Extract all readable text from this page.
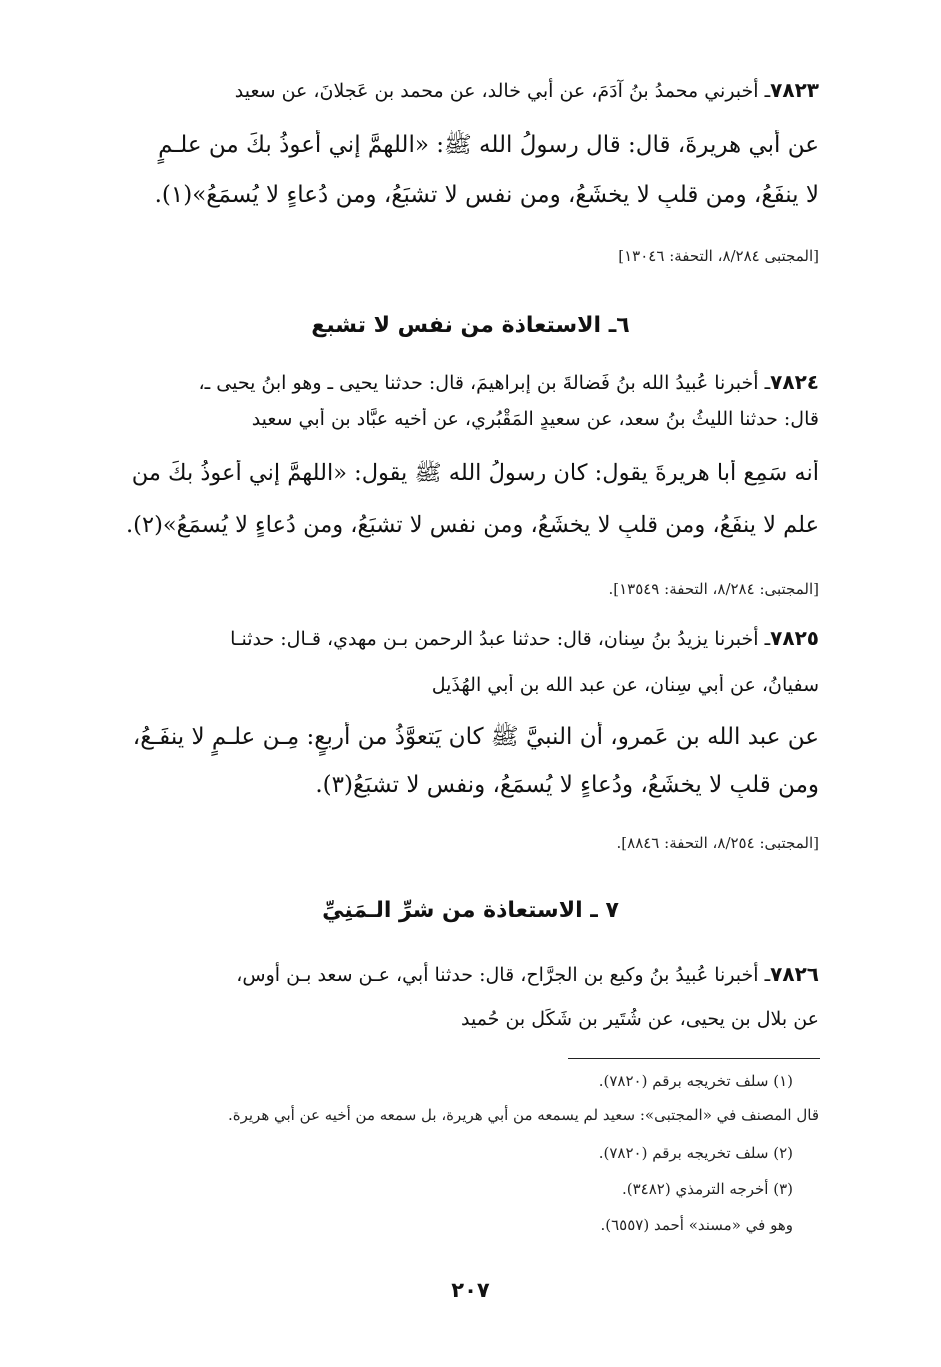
٧٨٢٣ـ أخبرني محمدُ بنُ آدَمَ، عن أبي خالد، عن محمد بن عَجلانَ، عن سعيد
عن أبي هريرةَ، قال: قال رسولُ الله ﷺ: «اللهمَّ إني أعوذُ بكَ من علـمٍ
لا ينفَعُ، ومن قلبٍ لا يخشَعُ، ومن نفسٍ لا تشبَعُ، ومن دُعاءٍ لا يُسمَعُ»(١).
[المجتبى ٨/٢٨٤، التحفة: ١٣٠٤٦]
٦ـ الاستعاذة من نفس لا تشبع
٧٨٢٤ـ أخبرنا عُبيدُ الله بنُ فَضالةَ بن إبراهيمَ، قال: حدثنا يحيى ـ وهو ابنُ يحيى ـ،
قال: حدثنا الليثُ بنُ سعد، عن سعيدٍ المَقْبُري، عن أخيه عبَّاد بن أبي سعيد
أنه سَمِع أبا هريرةَ يقول: كان رسولُ الله ﷺ يقول: «اللهمَّ إني أعوذُ بكَ من
علمٍ لا ينفَعُ، ومن قلبٍ لا يخشَعُ، ومن نفسٍ لا تشبَعُ، ومن دُعاءٍ لا يُسمَعُ»(٢).
[المجتبى: ٨/٢٨٤، التحفة: ١٣٥٤٩].
٧٨٢٥ـ أخبرنا يزيدُ بنُ سِنان، قال: حدثنا عبدُ الرحمنِ بـن مهدي، قـال: حدثنـا
سفيانُ، عن أبي سِنان، عن عبد الله بن أبي الهُذَيل
عن عبد الله بن عَمرو، أن النبيَّ ﷺ كان يَتعوَّذُ من أربعٍ: مِـن علـمٍ لا ينفَـعُ،
ومن قلبٍ لا يخشَعُ، ودُعاءٍ لا يُسمَعُ، ونفسٍ لا تشبَعُ(٣).
[المجتبى: ٨/٢٥٤، التحفة: ٨٨٤٦].
٧ ـ الاستعاذة من شرِّ الـمَنِيِّ
٧٨٢٦ـ أخبرنا عُبيدُ بنُ وكيع بن الجرَّاح، قال: حدثنا أبي، عـن سعد بـن أوس،
عن بلال بن يحيى، عن شُتَير بن شَكَل بن حُميد
(١) سلف تخريجه برقم (٧٨٢٠).
قال المصنف في «المجتبى»: سعيد لم يسمعه من أبي هريرة، بل سمعه من أخيه عن أبي هريرة.
(٢) سلف تخريجه برقم (٧٨٢٠).
(٣) أخرجه الترمذي (٣٤٨٢).
وهو في «مسند» أحمد (٦٥٥٧).
٢٠٧
